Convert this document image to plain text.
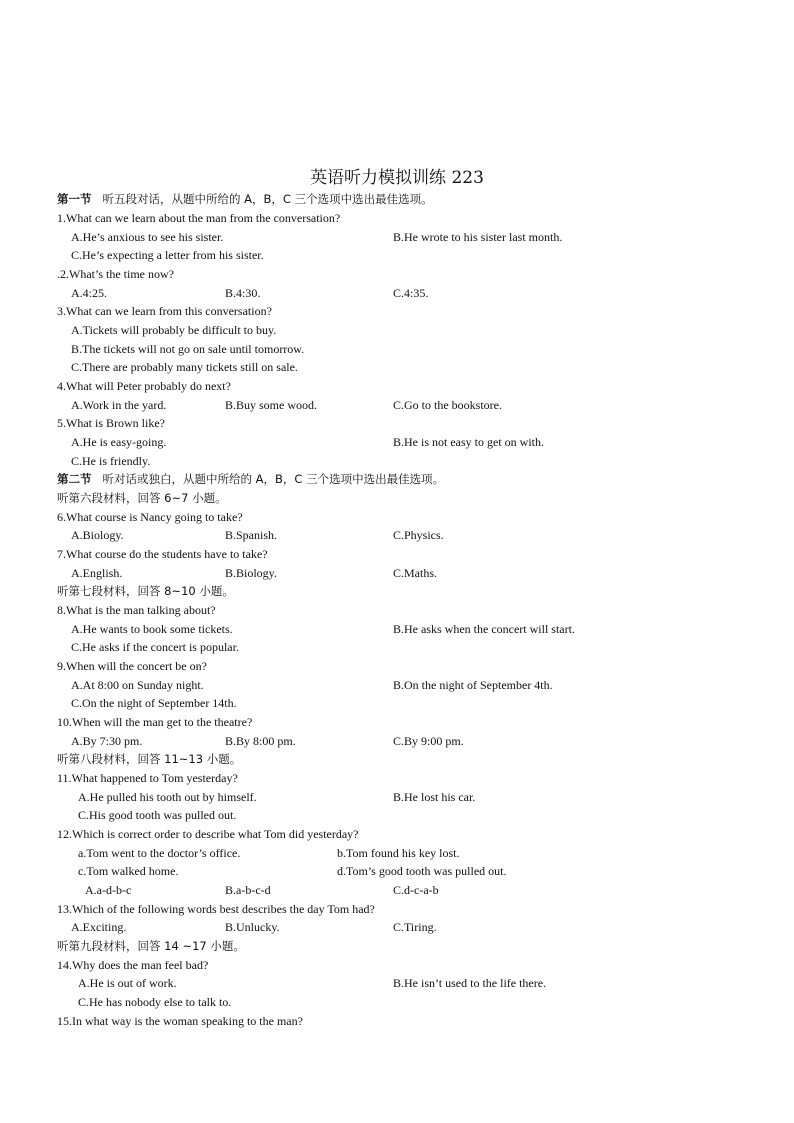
英语听力模拟训练 223
第一节 听五段对话，从题中所给的 A，B，C 三个选项中选出最佳选项。
1.What can we learn about the man from the conversation?
A.He’s anxious to see his sister.	B.He wrote to his sister last month.
C.He’s expecting a letter from his sister.
.2.What’s the time now?
A.4:25.	B.4:30.	C.4:35.
3.What can we learn from this conversation?
A.Tickets will probably be difficult to buy.
B.The tickets will not go on sale until tomorrow.
C.There are probably many tickets still on sale.
4.What will Peter probably do next?
A.Work in the yard.	B.Buy some wood.	C.Go to the bookstore.
5.What is Brown like?
A.He is easy-going.	B.He is not easy to get on with.
C.He is friendly.
第二节 听对话或独白，从题中所给的 A，B，C 三个选项中选出最佳选项。
听第六段材料，回答 6~7 小题。
6.What course is Nancy going to take?
A.Biology.	B.Spanish.	C.Physics.
7.What course do the students have to take?
A.English.	B.Biology.	C.Maths.
听第七段材料，回答 8~10 小题。
8.What is the man talking about?
A.He wants to book some tickets.	B.He asks when the concert will start.
C.He asks if the concert is popular.
9.When will the concert be on?
A.At 8:00 on Sunday night.	B.On the night of September 4th.
C.On the night of September 14th.
10.When will the man get to the theatre?
A.By 7:30 pm.	B.By 8:00 pm.	C.By 9:00 pm.
听第八段材料，回答 11~13 小题。
11.What happened to Tom yesterday?
A.He pulled his tooth out by himself.	B.He lost his car.
C.His good tooth was pulled out.
12.Which is correct order to describe what Tom did yesterday?
a.Tom went to the doctor’s office.	b.Tom found his key lost.
c.Tom walked home.	d.Tom’s good tooth was pulled out.
A.a-d-b-c	B.a-b-c-d	C.d-c-a-b
13.Which of the following words best describes the day Tom had?
A.Exciting.	B.Unlucky.	C.Tiring.
听第九段材料，回答 14 ~17 小题。
14.Why does the man feel bad?
A.He is out of work.	B.He isn’t used to the life there.
C.He has nobody else to talk to.
15.In what way is the woman speaking to the man?
